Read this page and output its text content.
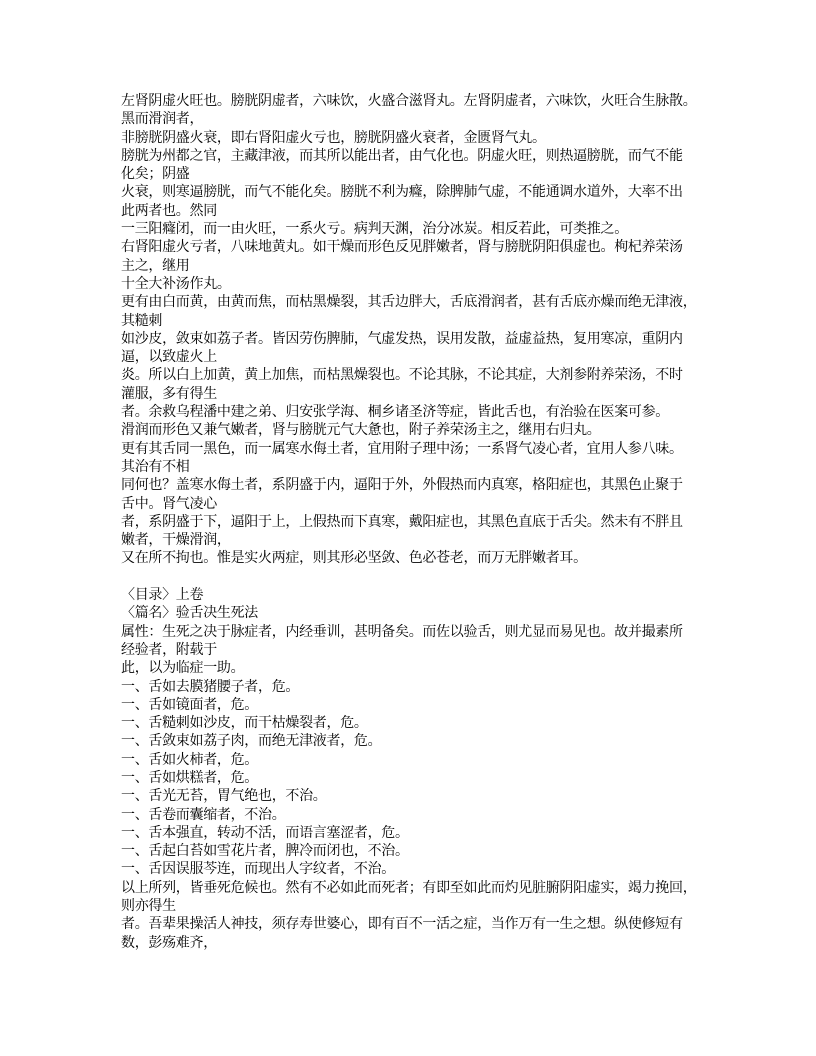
左肾阴虚火旺也。膀胱阴虚者，六味饮，火盛合滋肾丸。左肾阴虚者，六味饮，火旺合生脉散。
黑而滑润者，
非膀胱阴盛火衰，即右肾阳虚火亏也，膀胱阴盛火衰者，金匮肾气丸。
膀胱为州都之官，主藏津液，而其所以能出者，由气化也。阴虚火旺，则热逼膀胱，而气不能
化矣；阴盛
火衰，则寒逼膀胱，而气不能化矣。膀胱不利为癃，除脾肺气虚，不能通调水道外，大率不出
此两者也。然同
一三阳癃闭，而一由火旺，一系火亏。病判天渊，治分冰炭。相反若此，可类推之。
右肾阳虚火亏者，八味地黄丸。如干燥而形色反见胖嫩者，肾与膀胱阴阳俱虚也。枸杞养荣汤
主之，继用
十全大补汤作丸。
更有由白而黄，由黄而焦，而枯黑燥裂，其舌边胖大，舌底滑润者，甚有舌底亦燥而绝无津液，
其糙刺
如沙皮，敛束如荔子者。皆因劳伤脾肺，气虚发热，误用发散，益虚益热，复用寒凉，重阴内
逼，以致虚火上
炎。所以白上加黄，黄上加焦，而枯黑燥裂也。不论其脉，不论其症，大剂参附养荣汤，不时
灌服，多有得生
者。余救乌程潘中建之弟、归安张学海、桐乡诸圣济等症，皆此舌也，有治验在医案可参。
滑润而形色又兼气嫩者，肾与膀胱元气大惫也，附子养荣汤主之，继用右归丸。
更有其舌同一黑色，而一属寒水侮土者，宜用附子理中汤；一系肾气凌心者，宜用人参八味。
其治有不相
同何也？盖寒水侮土者，系阴盛于内，逼阳于外，外假热而内真寒，格阳症也，其黑色止聚于
舌中。肾气凌心
者，系阴盛于下，逼阳于上，上假热而下真寒，戴阳症也，其黑色直底于舌尖。然未有不胖且
嫩者，干燥滑润，
又在所不拘也。惟是实火两症，则其形必坚敛、色必苍老，而万无胖嫩者耳。
〈目录〉上卷
〈篇名〉验舌决生死法
属性：生死之决于脉症者，内经垂训，甚明备矣。而佐以验舌，则尤显而易见也。故并撮素所
经验者，附载于
此，以为临症一助。
一、舌如去膜猪腰子者，危。
一、舌如镜面者，危。
一、舌糙刺如沙皮，而干枯燥裂者，危。
一、舌敛束如荔子肉，而绝无津液者，危。
一、舌如火柿者，危。
一、舌如烘糕者，危。
一、舌光无苔，胃气绝也，不治。
一、舌卷而囊缩者，不治。
一、舌本强直，转动不活，而语言塞涩者，危。
一、舌起白苔如雪花片者，脾冷而闭也，不治。
一、舌因误服芩连，而现出人字纹者，不治。
以上所列，皆垂死危候也。然有不必如此而死者；有即至如此而灼见脏腑阴阳虚实，竭力挽回，
则亦得生
者。吾辈果操活人神技，须存寿世婆心，即有百不一活之症，当作万有一生之想。纵使修短有
数，彭殇难齐，
